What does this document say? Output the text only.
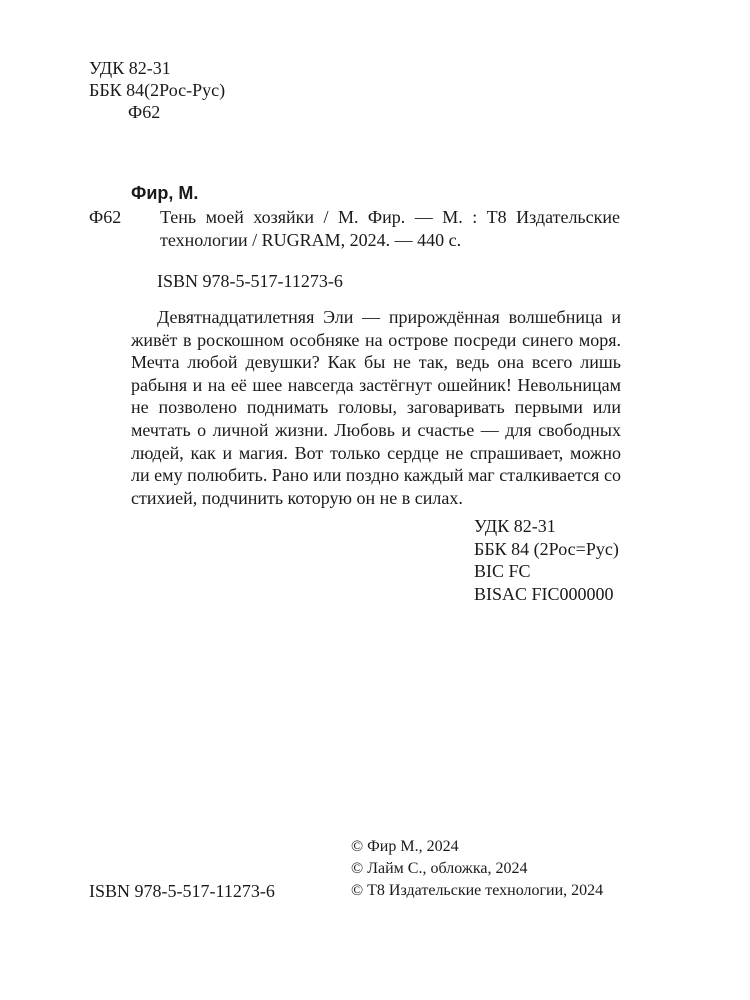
УДК 82-31
ББК 84(2Рос-Рус)
Ф62
Фир, М.
Ф62 Тень моей хозяйки / М. Фир. — М. : Т8 Издательские технологии / RUGRAM, 2024. — 440 с.
ISBN 978-5-517-11273-6
Девятнадцатилетняя Эли — прирождённая волшебница и живёт в роскошном особняке на острове посреди синего моря. Мечта любой девушки? Как бы не так, ведь она всего лишь рабыня и на её шее навсегда застёгнут ошейник! Невольницам не позволено поднимать головы, заговаривать первыми или мечтать о личной жизни. Любовь и счастье — для свободных людей, как и магия. Вот только сердце не спрашивает, можно ли ему полюбить. Рано или поздно каждый маг сталкивается со стихией, подчинить которую он не в силах.
УДК 82-31
ББК 84 (2Рос=Рус)
BIC FC
BISAC FIC000000
© Фир М., 2024
© Лайм С., обложка, 2024
© Т8 Издательские технологии, 2024
ISBN 978-5-517-11273-6
